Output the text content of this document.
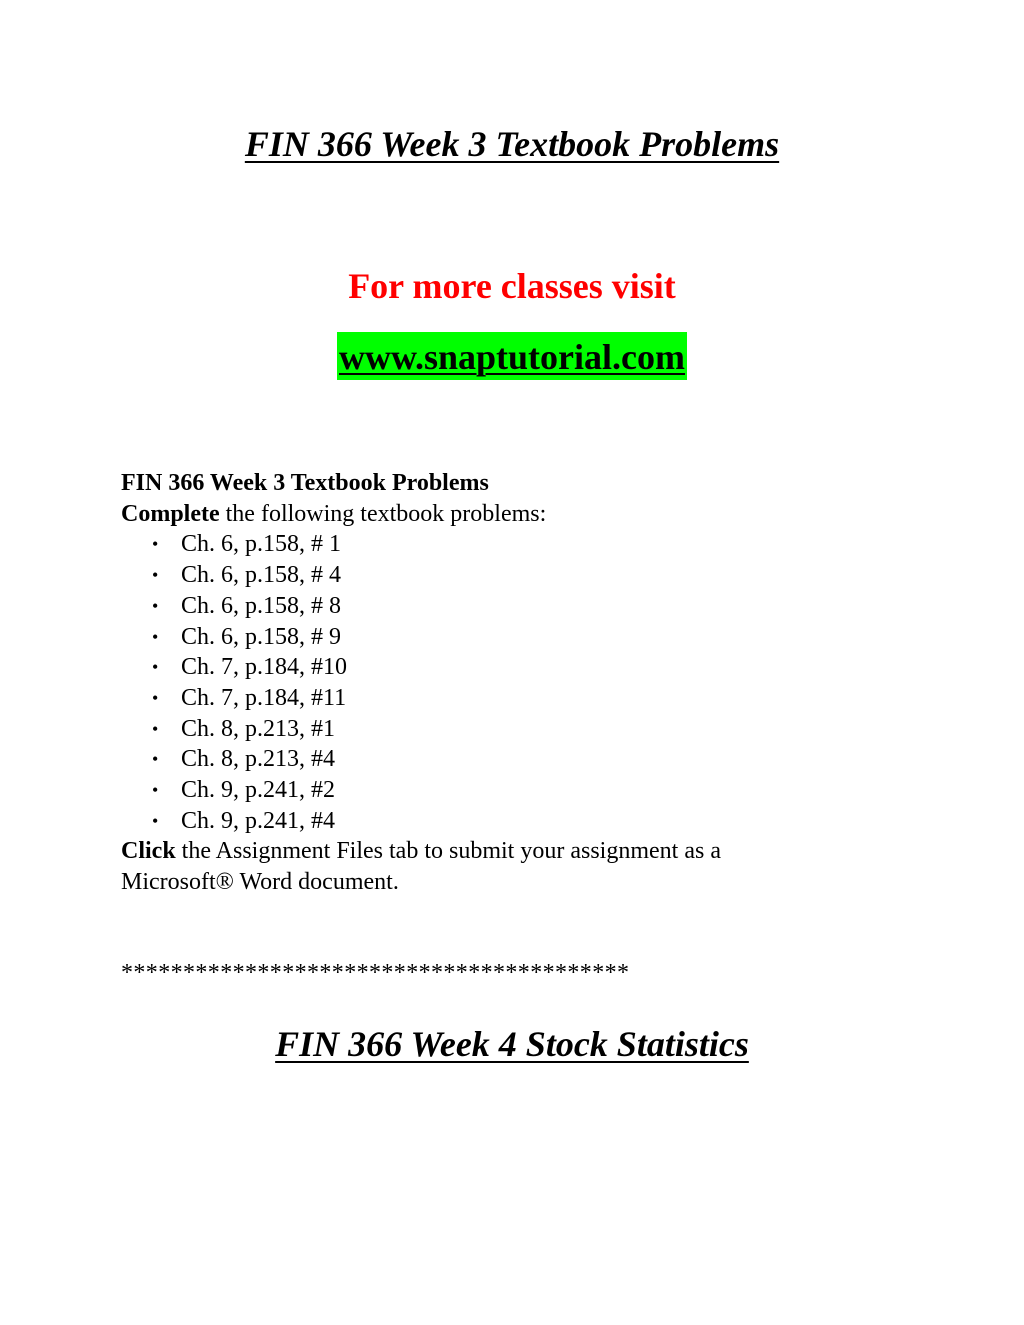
FIN 366 Week 3 Textbook Problems
For more classes visit
www.snaptutorial.com

FIN 366 Week 3 Textbook Problems

Complete the following textbook problems:

• Ch. 6, p.158, # 1
• Ch. 6, p.158, # 4
• Ch. 6, p.158, # 8
• Ch. 6, p.158, # 9
• Ch. 7, p.184, #10
• Ch. 7, p.184, #11
• Ch. 8, p.213, #1
• Ch. 8, p.213, #4
• Ch. 9, p.241, #2
• Ch. 9, p.241, #4

Click the Assignment Files tab to submit your assignment as a

Microsoft® Word document.

*****************************************
FIN 366 Week 4 Stock Statistics
